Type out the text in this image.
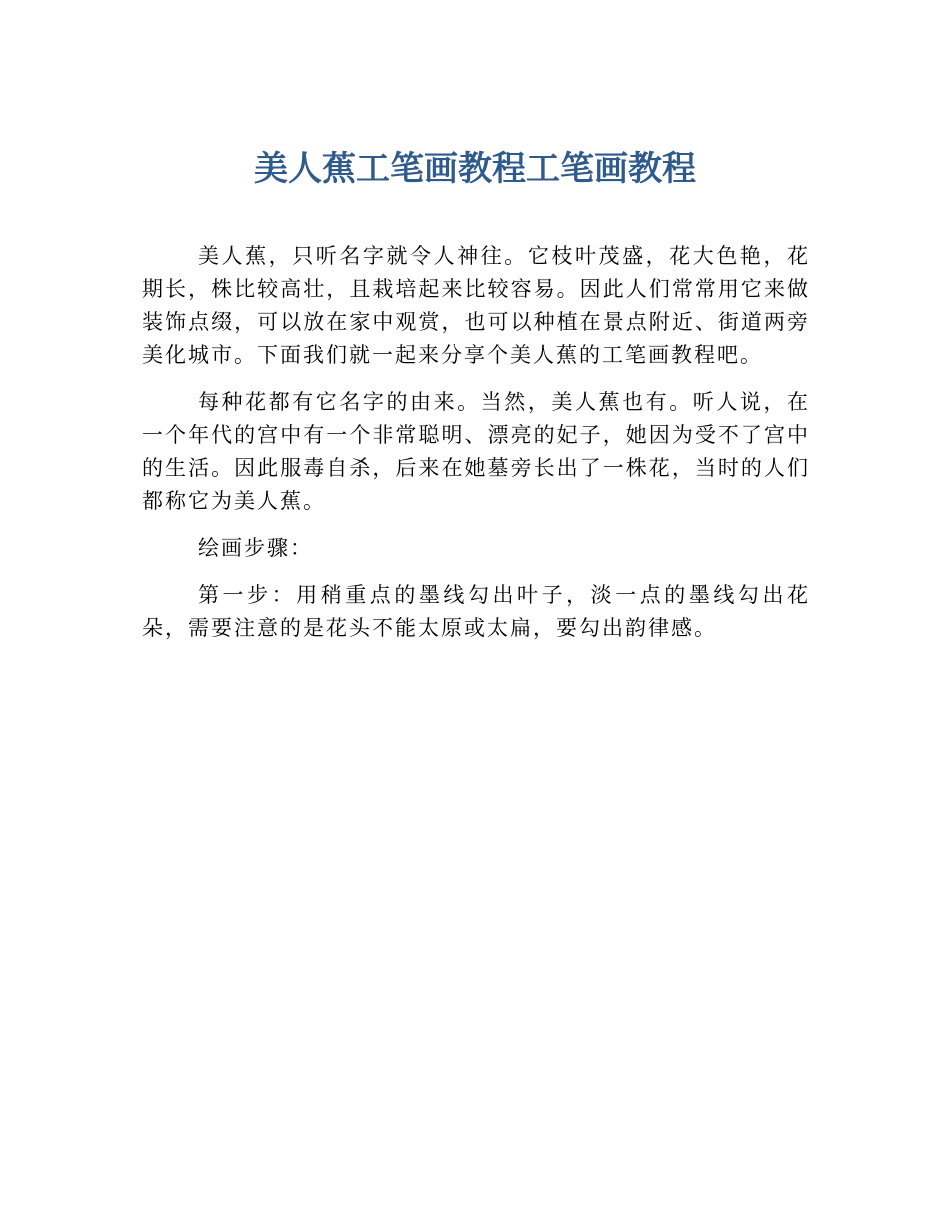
美人蕉工笔画教程工笔画教程

美人蕉，只听名字就令人神往。它枝叶茂盛，花大色艳，花期长，株比较高壮，且栽培起来比较容易。因此人们常常用它来做装饰点缀，可以放在家中观赏，也可以种植在景点附近、街道两旁美化城市。下面我们就一起来分享个美人蕉的工笔画教程吧。

每种花都有它名字的由来。当然，美人蕉也有。听人说，在一个年代的宫中有一个非常聪明、漂亮的妃子，她因为受不了宫中的生活。因此服毒自杀，后来在她墓旁长出了一株花，当时的人们都称它为美人蕉。

绘画步骤：

第一步：用稍重点的墨线勾出叶子，淡一点的墨线勾出花朵，需要注意的是花头不能太原或太扁，要勾出韵律感。
